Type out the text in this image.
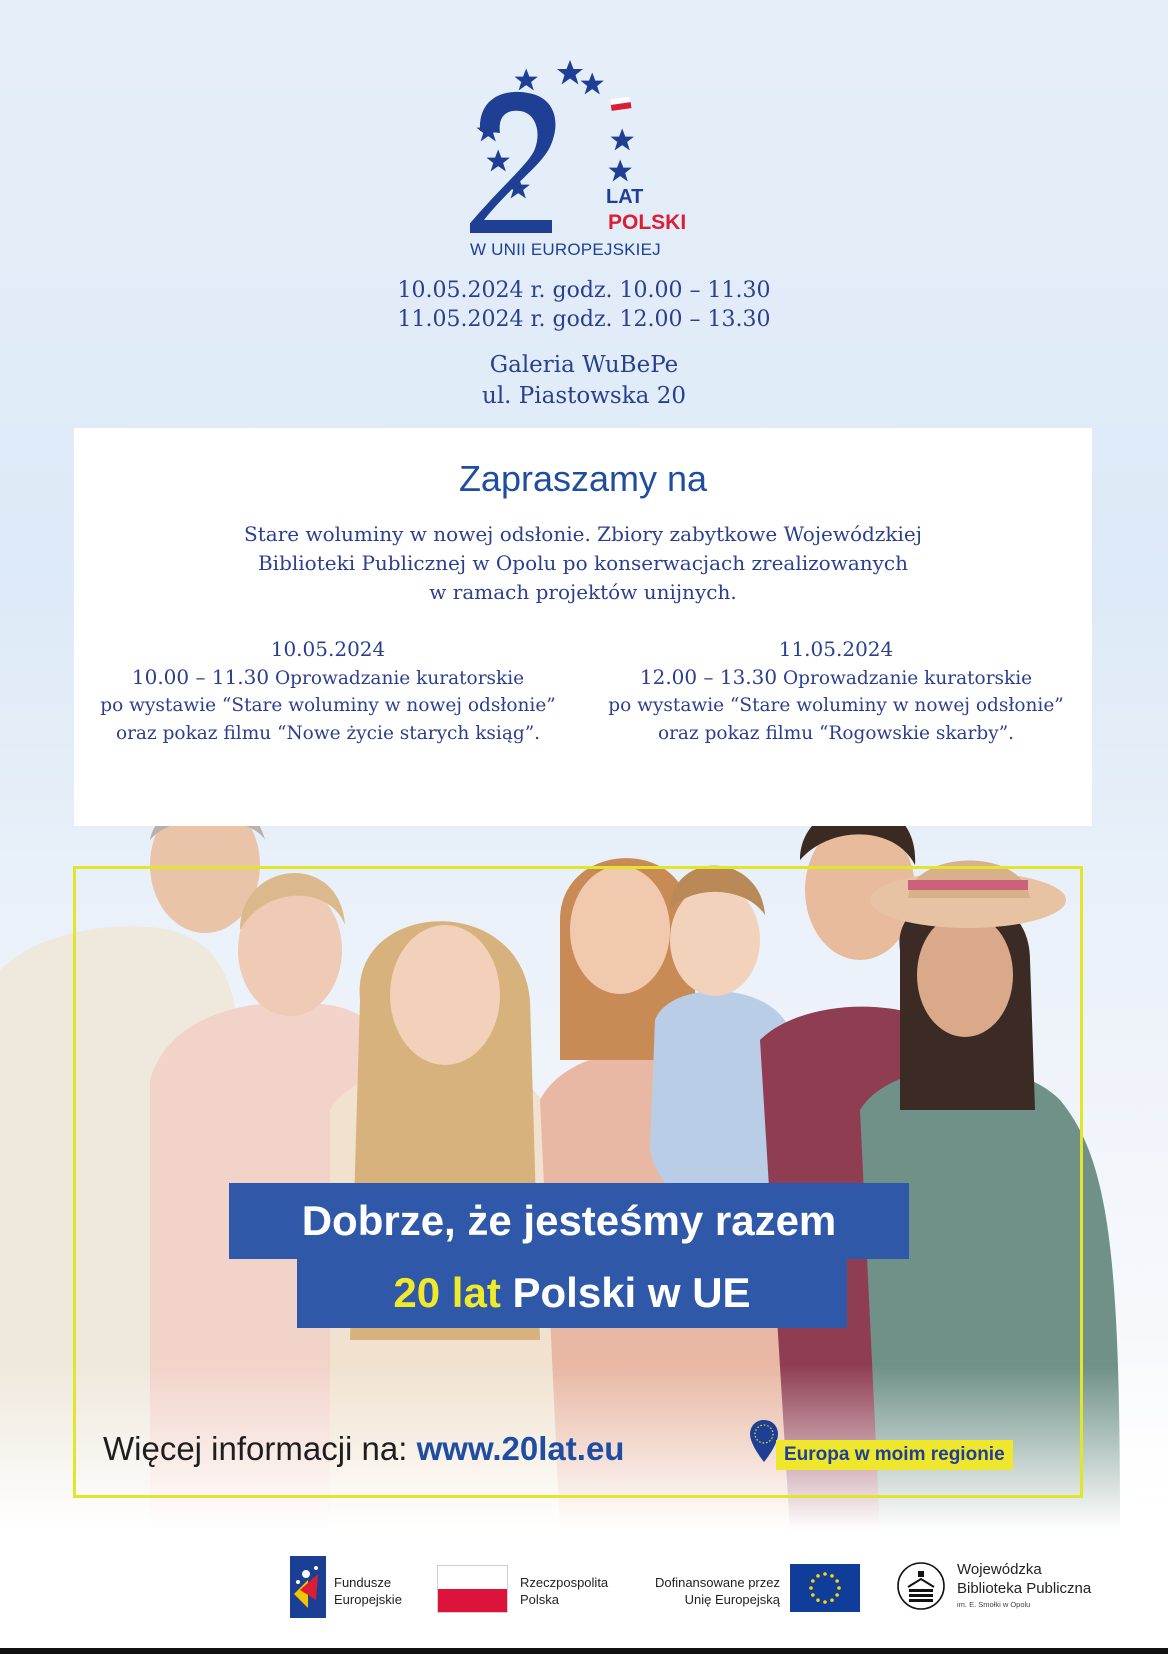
LAT
POLSKI
W UNII EUROPEJSKIEJ
10.05.2024 r. godz. 10.00 – 11.30
11.05.2024 r. godz. 12.00 – 13.30
Galeria WuBePe
ul. Piastowska 20
Zapraszamy na
Stare woluminy w nowej odsłonie. Zbiory zabytkowe Wojewódzkiej
Biblioteki Publicznej w Opolu po konserwacjach zrealizowanych
w ramach projektów unijnych.
10.05.2024
10.00 – 11.30 Oprowadzanie kuratorskie
po wystawie “Stare woluminy w nowej odsłonie”
oraz pokaz filmu “Nowe życie starych ksiąg”.
11.05.2024
12.00 – 13.30 Oprowadzanie kuratorskie
po wystawie “Stare woluminy w nowej odsłonie”
oraz pokaz filmu “Rogowskie skarby”.
Dobrze, że jesteśmy razem
20 lat Polski w UE
Więcej informacji na: www.20lat.eu	Europa w moim regionie
Fundusze
Europejskie
Rzeczpospolita
Polska
Dofinansowane przez
Unię Europejską
Wojewódzka
Biblioteka Publiczna
im. E. Smołki w Opolu
